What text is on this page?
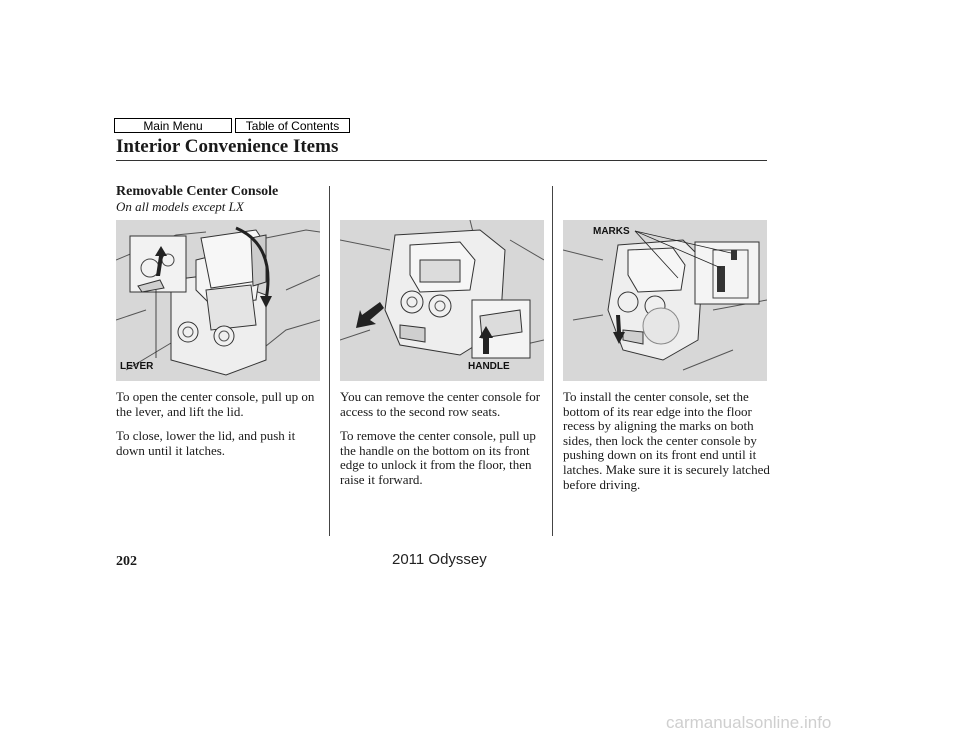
Main Menu	Table of Contents
Interior Convenience Items
Removable Center Console
On all models except LX
LEVER	HANDLE
MARKS

To open the center console, pull up on the lever, and lift the lid.

To close, lower the lid, and push it down until it latches.

You can remove the center console for access to the second row seats.

To remove the center console, pull up the handle on the bottom on its front edge to unlock it from the floor, then raise it forward.

To install the center console, set the bottom of its rear edge into the floor recess by aligning the marks on both sides, then lock the center console by pushing down on its front end until it latches. Make sure it is securely latched before driving.

202	2011 Odyssey
carmanualsonline.info
